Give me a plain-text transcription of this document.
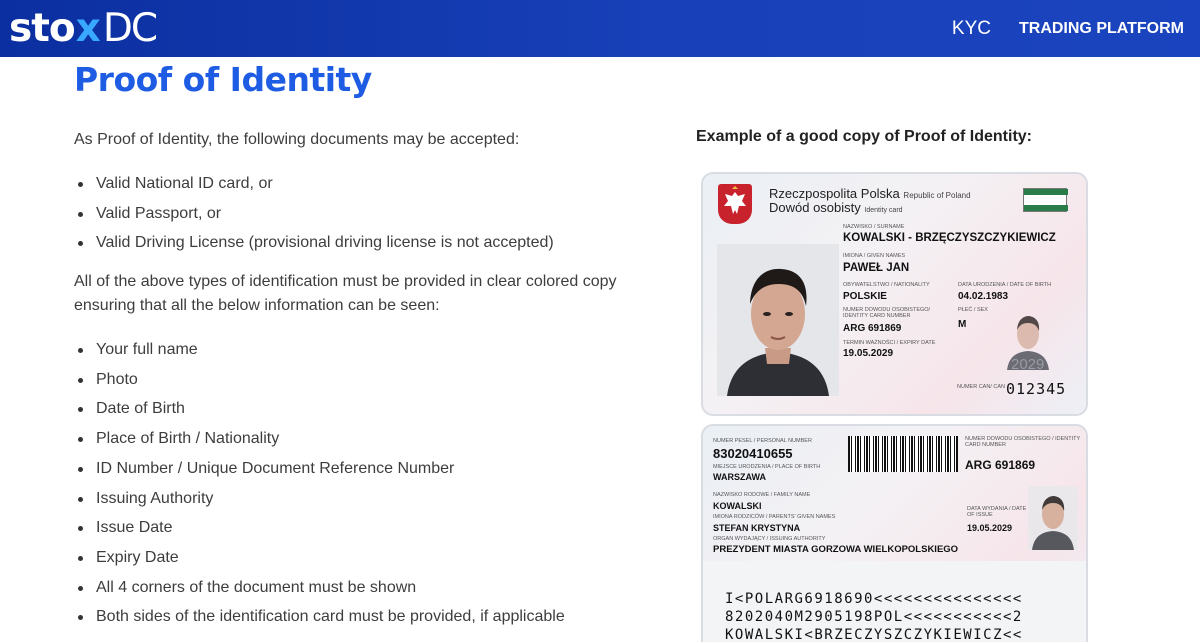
sto x DC	KYC TRADING PLATFORM
Proof of Identity

As Proof of Identity, the following documents may be accepted:

Valid National ID card, or
Valid Passport, or
Valid Driving License (provisional driving license is not accepted)

All of the above types of identification must be provided in clear colored copy ensuring that all the below information can be seen:

Your full name
Photo
Date of Birth
Place of Birth / Nationality
ID Number / Unique Document Reference Number
Issuing Authority
Issue Date
Expiry Date
All 4 corners of the document must be shown
Both sides of the identification card must be provided, if applicable
Example of a good copy of Proof of Identity:
Rzeczpospolita Polska Republic of Poland
Dowód osobisty Identity card
NAZWISKO / SURNAME
KOWALSKI - BRZĘCZYSZCZYKIEWICZ
IMIONA / GIVEN NAMES
PAWEŁ JAN
OBYWATELSTWO / NATIONALITY
POLSKIE
DATA URODZENIA / DATE OF BIRTH
04.02.1983
NUMER DOWODU OSOBISTEGO/ IDENTITY CARD NUMBER
ARG 691869
PŁEĆ / SEX
M
TERMIN WAŻNOŚCI / EXPIRY DATE
19.05.2029
2029
NUMER CAN/ CAN 012345
NUMER PESEL / PERSONAL NUMBER
83020410655
MIEJSCE URODZENIA / PLACE OF BIRTH
WARSZAWA
NUMER DOWODU OSOBISTEGO / IDENTITY CARD NUMBER
ARG 691869
NAZWISKO RODOWE / FAMILY NAME
KOWALSKI
IMIONA RODZICÓW / PARENTS' GIVEN NAMES
STEFAN KRYSTYNA
DATA WYDANIA / DATE OF ISSUE
19.05.2029
ORGAN WYDAJĄCY / ISSUING AUTHORITY
PREZYDENT MIASTA GORZOWA WIELKOPOLSKIEGO
I<POLARG6918690<<<<<<<<<<<<<<<
8202040M2905198POL<<<<<<<<<<<2
KOWALSKI<BRZECZYSZCZYKIEWICZ<<
